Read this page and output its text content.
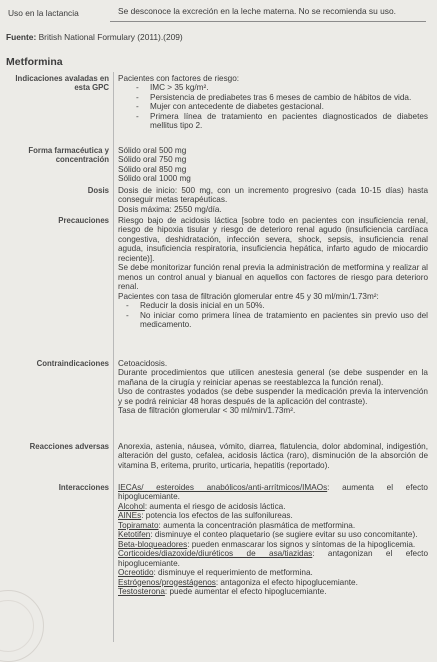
Uso en la lactancia	Se desconoce la excreción en la leche materna. No se recomienda su uso.
Fuente: British National Formulary (2011).(209)
Metformina
Indicaciones avaladas en esta GPC

Pacientes con factores de riesgo:

- IMC > 35 kg/m².
- Persistencia de prediabetes tras 6 meses de cambio de hábitos de vida.
- Mujer con antecedente de diabetes gestacional.
- Primera línea de tratamiento en pacientes diagnosticados de diabetes mellitus tipo 2.
Forma farmacéutica y concentración

Sólido oral 500 mg

Sólido oral 750 mg

Sólido oral 850 mg

Sólido oral 1000 mg

Dosis Dosis de inicio: 500 mg, con un incremento progresivo (cada 10-15 días) hasta conseguir metas terapéuticas.

Dosis máxima: 2550 mg/día.

Precauciones Riesgo bajo de acidosis láctica [sobre todo en pacientes con insuficiencia renal, riesgo de hipoxia tisular y riesgo de deterioro renal agudo (insuficiencia cardíaca congestiva, deshidratación, infección severa, shock, sepsis, insuficiencia renal aguda, insuficiencia respiratoria, insuficiencia hepática, infarto agudo de miocardio reciente)].

Se debe monitorizar función renal previa la administración de metformina y realizar al menos un control anual y bianual en aquellos con factores de riesgo para deterioro renal.

Pacientes con tasa de filtración glomerular entre 45 y 30 ml/min/1.73m²:

- Reducir la dosis inicial en un 50%.
- No iniciar como primera línea de tratamiento en pacientes sin previo uso del medicamento.
Contraindicaciones Cetoacidosis.

Durante procedimientos que utilicen anestesia general (se debe suspender en la mañana de la cirugía y reiniciar apenas se reestablezca la función renal).

Uso de contrastes yodados (se debe suspender la medicación previa la intervención y se podrá reiniciar 48 horas después de la aplicación del contraste).

Tasa de filtración glomerular < 30 ml/min/1.73m².

Reacciones adversas Anorexia, astenia, náusea, vómito, diarrea, flatulencia, dolor abdominal, indigestión, alteración del gusto, cefalea, acidosis láctica (raro), disminución de la absorción de vitamina B, eritema, prurito, urticaria, hepatitis (reportado).

Interacciones IECAs/ esteroides anabólicos/anti-arrítmicos/IMAOs: aumenta el efecto hipoglucemiante.

Alcohol: aumenta el riesgo de acidosis láctica.

AINEs: potencia los efectos de las sulfonilureas.

Topiramato: aumenta la concentración plasmática de metformina.

Ketotifen: disminuye el conteo plaquetario (se sugiere evitar su uso concomitante).

Beta-bloqueadores: pueden enmascarar los signos y síntomas de la hipoglicemia.

Corticoides/diazoxide/diuréticos de asa/tiazidas: antagonizan el efecto hipoglucemiante.

Ocreotido: disminuye el requerimiento de metformina.

Estrógenos/progestágenos: antagoniza el efecto hipoglucemiante.

Testosterona: puede aumentar el efecto hipoglucemiante.
